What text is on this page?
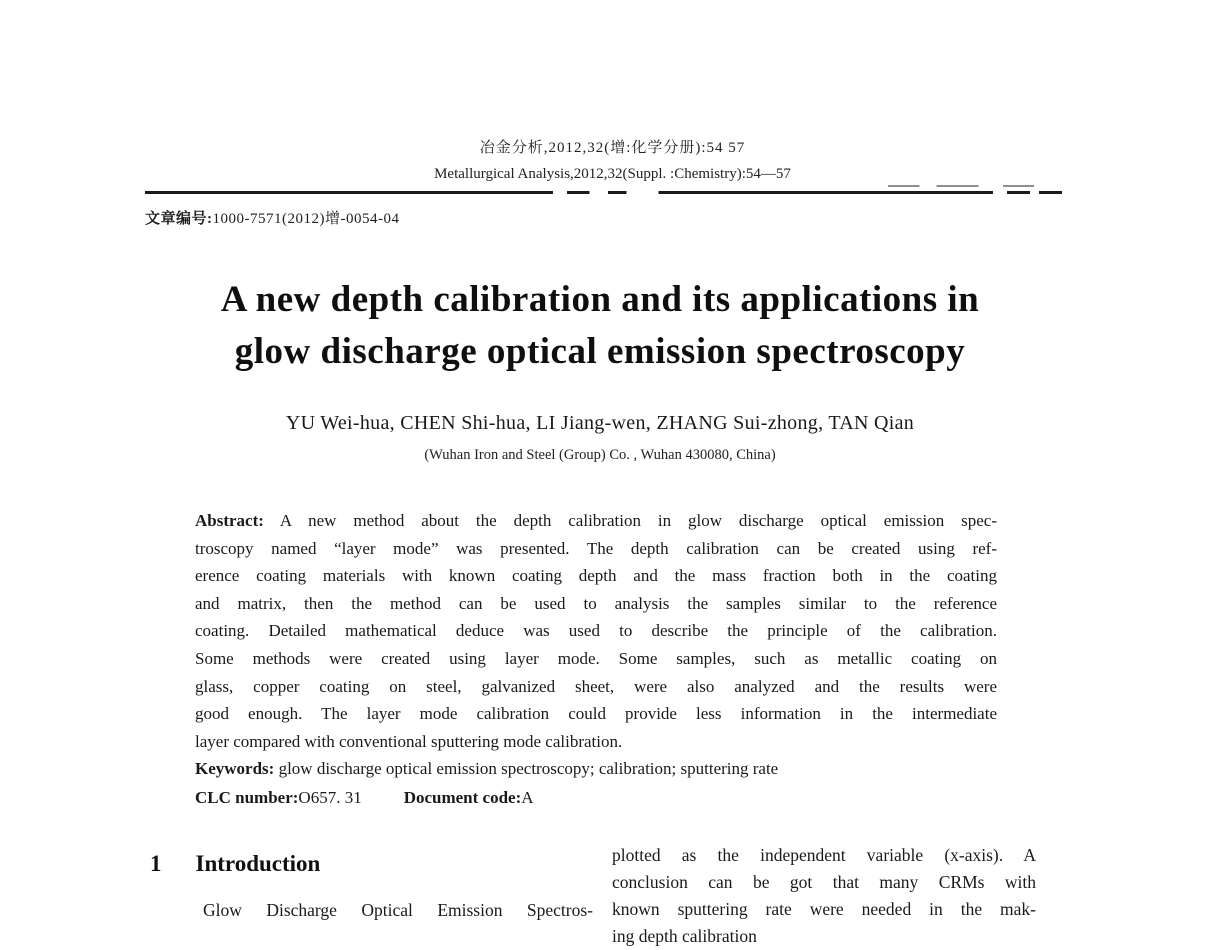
冶金分析,2012,32(增:化学分册):54 57
Metallurgical Analysis,2012,32(Suppl. :Chemistry):54—57
文章编号:1000-7571(2012)增-0054-04
A new depth calibration and its applications in
glow discharge optical emission spectroscopy
YU Wei-hua, CHEN Shi-hua, LI Jiang-wen, ZHANG Sui-zhong, TAN Qian
(Wuhan Iron and Steel (Group) Co. , Wuhan 430080, China)
Abstract: A new method about the depth calibration in glow discharge optical emission spec-
troscopy named “layer mode” was presented. The depth calibration can be created using ref-
erence coating materials with known coating depth and the mass fraction both in the coating
and matrix, then the method can be used to analysis the samples similar to the reference
coating. Detailed mathematical deduce was used to describe the principle of the calibration.
Some methods were created using layer mode. Some samples, such as metallic coating on
glass, copper coating on steel, galvanized sheet, were also analyzed and the results were
good enough. The layer mode calibration could provide less information in the intermediate
layer compared with conventional sputtering mode calibration.
Keywords: glow discharge optical emission spectroscopy; calibration; sputtering rate
CLC number:O657. 31 Document code:A
1 Introduction
Glow Discharge Optical Emission Spectros-
plotted as the independent variable (x-axis). A
conclusion can be got that many CRMs with
known sputtering rate were needed in the mak-
ing depth calibration
